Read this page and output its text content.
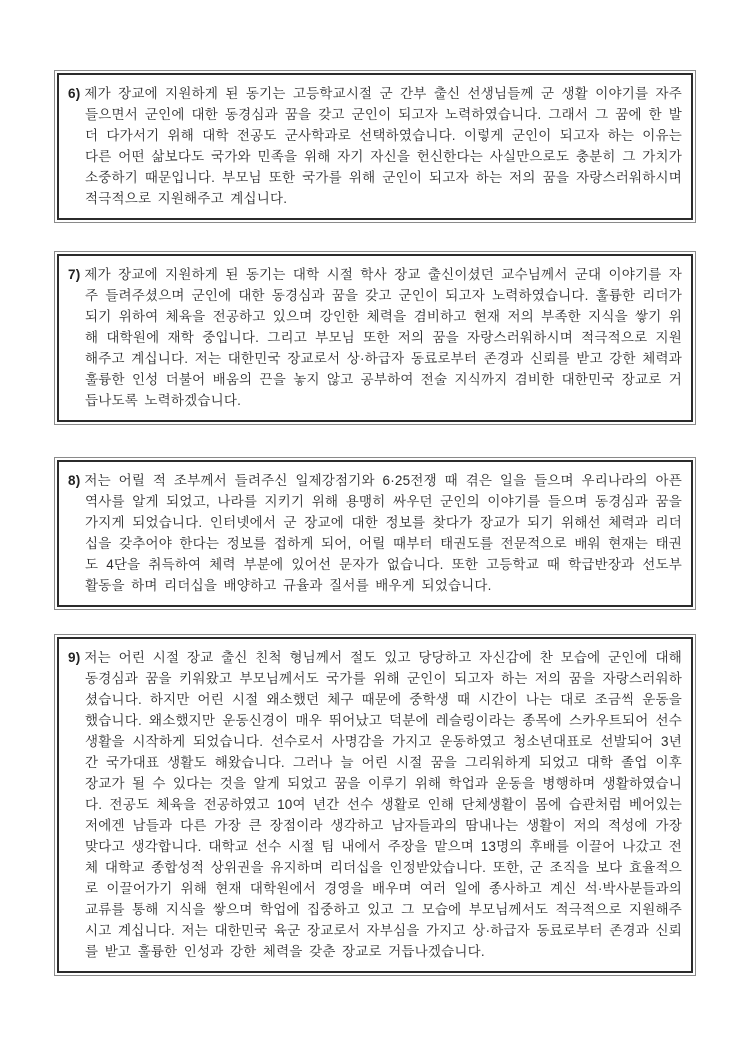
6) 제가 장교에 지원하게 된 동기는 고등학교시절 군 간부 출신 선생님들께 군 생활 이야기를 자주 들으면서 군인에 대한 동경심과 꿈을 갖고 군인이 되고자 노력하였습니다. 그래서 그 꿈에 한 발 더 다가서기 위해 대학 전공도 군사학과로 선택하였습니다. 이렇게 군인이 되고자 하는 이유는 다른 어떤 삶보다도 국가와 민족을 위해 자기 자신을 헌신한다는 사실만으로도 충분히 그 가치가 소중하기 때문입니다. 부모님 또한 국가를 위해 군인이 되고자 하는 저의 꿈을 자랑스러워하시며 적극적으로 지원해주고 계십니다.

7) 제가 장교에 지원하게 된 동기는 대학 시절 학사 장교 출신이셨던 교수님께서 군대 이야기를 자주 들려주셨으며 군인에 대한 동경심과 꿈을 갖고 군인이 되고자 노력하였습니다. 훌륭한 리더가 되기 위하여 체육을 전공하고 있으며 강인한 체력을 겸비하고 현재 저의 부족한 지식을 쌓기 위해 대학원에 재학 중입니다. 그리고 부모님 또한 저의 꿈을 자랑스러워하시며 적극적으로 지원 해주고 계십니다. 저는 대한민국 장교로서 상·하급자 동료로부터 존경과 신뢰를 받고 강한 체력과 훌륭한 인성 더불어 배움의 끈을 놓지 않고 공부하여 전술 지식까지 겸비한 대한민국 장교로 거듭나도록 노력하겠습니다.

8) 저는 어릴 적 조부께서 들려주신 일제강점기와 6·25전쟁 때 겪은 일을 들으며 우리나라의 아픈 역사를 알게 되었고, 나라를 지키기 위해 용맹히 싸우던 군인의 이야기를 들으며 동경심과 꿈을 가지게 되었습니다. 인터넷에서 군 장교에 대한 정보를 찾다가 장교가 되기 위해선 체력과 리더십을 갖추어야 한다는 정보를 접하게 되어, 어릴 때부터 태권도를 전문적으로 배워 현재는 태권도 4단을 취득하여 체력 부분에 있어선 문자가 없습니다. 또한 고등학교 때 학급반장과 선도부 활동을 하며 리더십을 배양하고 규율과 질서를 배우게 되었습니다.

9) 저는 어린 시절 장교 출신 친척 형님께서 절도 있고 당당하고 자신감에 찬 모습에 군인에 대해 동경심과 꿈을 키워왔고 부모님께서도 국가를 위해 군인이 되고자 하는 저의 꿈을 자랑스러워하셨습니다. 하지만 어린 시절 왜소했던 체구 때문에 중학생 때 시간이 나는 대로 조금씩 운동을 했습니다. 왜소했지만 운동신경이 매우 뛰어났고 덕분에 레슬링이라는 종목에 스카우트되어 선수 생활을 시작하게 되었습니다. 선수로서 사명감을 가지고 운동하였고 청소년대표로 선발되어 3년간 국가대표 생활도 해왔습니다. 그러나 늘 어린 시절 꿈을 그리워하게 되었고 대학 졸업 이후 장교가 될 수 있다는 것을 알게 되었고 꿈을 이루기 위해 학업과 운동을 병행하며 생활하였습니다. 전공도 체육을 전공하였고 10여 년간 선수 생활로 인해 단체생활이 몸에 습관처럼 베어있는 저에겐 남들과 다른 가장 큰 장점이라 생각하고 남자들과의 땀내나는 생활이 저의 적성에 가장 맞다고 생각합니다. 대학교 선수 시절 팀 내에서 주장을 맡으며 13명의 후배를 이끌어 나갔고 전체 대학교 종합성적 상위권을 유지하며 리더십을 인정받았습니다. 또한, 군 조직을 보다 효율적으로 이끌어가기 위해 현재 대학원에서 경영을 배우며 여러 일에 종사하고 계신 석·박사분들과의 교류를 통해 지식을 쌓으며 학업에 집중하고 있고 그 모습에 부모님께서도 적극적으로 지원해주시고 계십니다. 저는 대한민국 육군 장교로서 자부심을 가지고 상·하급자 동료로부터 존경과 신뢰를 받고 훌륭한 인성과 강한 체력을 갖춘 장교로 거듭나겠습니다.
